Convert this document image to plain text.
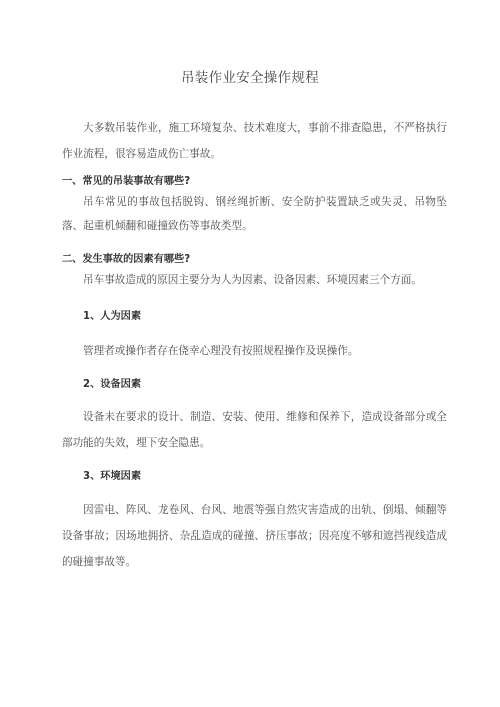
吊装作业安全操作规程
大多数吊装作业，施工环境复杂、技术难度大，事前不排查隐患，不严格执行作业流程，很容易造成伤亡事故。
一、常见的吊装事故有哪些?
吊车常见的事故包括脱钩、钢丝绳折断、安全防护装置缺乏或失灵、吊物坠落、起重机倾翻和碰撞致伤等事故类型。
二、发生事故的因素有哪些?
吊车事故造成的原因主要分为人为因素、设备因素、环境因素三个方面。
1、人为因素
管理者或操作者存在侥幸心理没有按照规程操作及误操作。
2、设备因素
设备未在要求的设计、制造、安装、使用、维修和保养下，造成设备部分或全部功能的失效，埋下安全隐患。
3、环境因素
因雷电、阵风、龙卷风、台风、地震等强自然灾害造成的出轨、倒塌、倾翻等设备事故；因场地拥挤、杂乱造成的碰撞、挤压事故；因亮度不够和遮挡视线造成的碰撞事故等。
